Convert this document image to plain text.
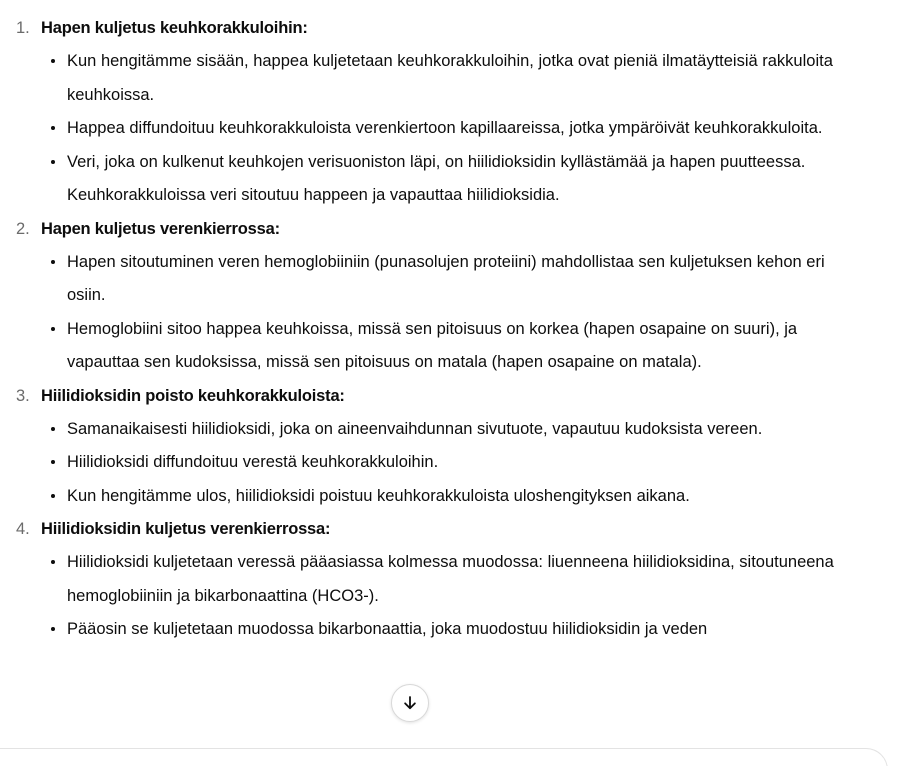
1. Hapen kuljetus keuhkorakkuloihin:
Kun hengitämme sisään, happea kuljetetaan keuhkorakkuloihin, jotka ovat pieniä ilmatäytteisiä rakkuloita keuhkoissa.
Happea diffundoituu keuhkorakkuloista verenkiertoon kapillaareissa, jotka ympäröivät keuhkorakkuloita.
Veri, joka on kulkenut keuhkojen verisuoniston läpi, on hiilidioksidin kyllästämää ja hapen puutteessa. Keuhkorakkuloissa veri sitoutuu happeen ja vapauttaa hiilidioksidia.
2. Hapen kuljetus verenkierrossa:
Hapen sitoutuminen veren hemoglobiiniin (punasolujen proteiini) mahdollistaa sen kuljetuksen kehon eri osiin.
Hemoglobiini sitoo happea keuhkoissa, missä sen pitoisuus on korkea (hapen osapaine on suuri), ja vapauttaa sen kudoksissa, missä sen pitoisuus on matala (hapen osapaine on matala).
3. Hiilidioksidin poisto keuhkorakkuloista:
Samanaikaisesti hiilidioksidi, joka on aineenvaihdunnan sivutuote, vapautuu kudoksista vereen.
Hiilidioksidi diffundoituu verestä keuhkorakkuloihin.
Kun hengitämme ulos, hiilidioksidi poistuu keuhkorakkuloista uloshengityksen aikana.
4. Hiilidioksidin kuljetus verenkierrossa:
Hiilidioksidi kuljetetaan veressä pääasiassa kolmessa muodossa: liuenneena hiilidioksidina, sitoutuneena hemoglobiiniin ja bikarbonaattina (HCO3-).
Pääosin se kuljetetaan muodossa bikarbonaattia, joka muodostuu hiilidioksidin ja veden
